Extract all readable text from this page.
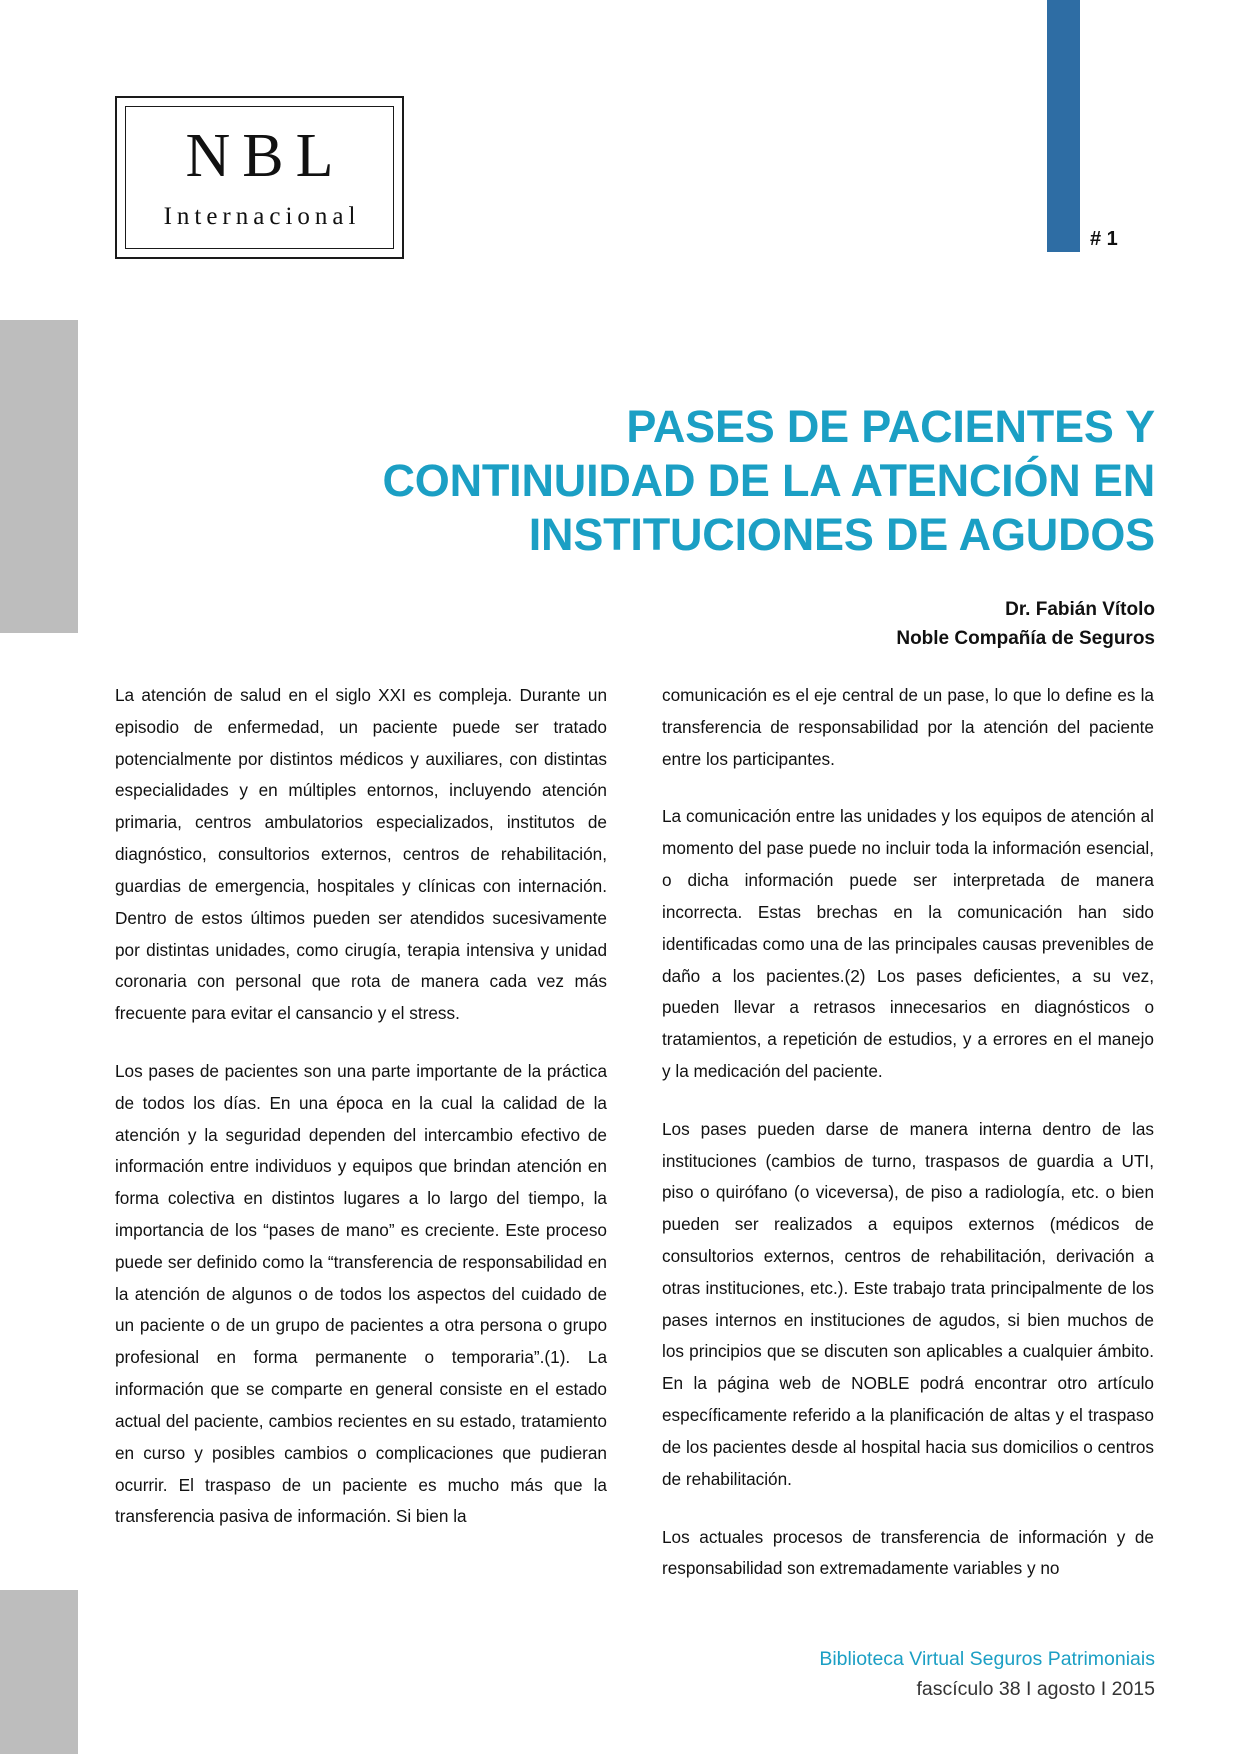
NBL
Internacional
# 1
PASES DE PACIENTES Y
CONTINUIDAD DE LA ATENCIÓN EN
INSTITUCIONES DE AGUDOS
Dr. Fabián Vítolo
Noble Compañía de Seguros

La atención de salud en el siglo XXI es compleja. Durante un episodio de enfermedad, un paciente puede ser tratado potencialmente por distintos médicos y auxiliares, con distintas especialidades y en múltiples entornos, incluyendo atención primaria, centros ambulatorios especializados, institutos de diagnóstico, consultorios externos, centros de rehabilitación, guardias de emergencia, hospitales y clínicas con internación. Dentro de estos últimos pueden ser atendidos sucesivamente por distintas unidades, como cirugía, terapia intensiva y unidad coronaria con personal que rota de manera cada vez más frecuente para evitar el cansancio y el stress.

Los pases de pacientes son una parte importante de la práctica de todos los días. En una época en la cual la calidad de la atención y la seguridad dependen del intercambio efectivo de información entre individuos y equipos que brindan atención en forma colectiva en distintos lugares a lo largo del tiempo, la importancia de los “pases de mano” es creciente. Este proceso puede ser definido como la “transferencia de responsabilidad en la atención de algunos o de todos los aspectos del cuidado de un paciente o de un grupo de pacientes a otra persona o grupo profesional en forma permanente o temporaria”.(1). La información que se comparte en general consiste en el estado actual del paciente, cambios recientes en su estado, tratamiento en curso y posibles cambios o complicaciones que pudieran ocurrir. El traspaso de un paciente es mucho más que la transferencia pasiva de información. Si bien la

comunicación es el eje central de un pase, lo que lo define es la transferencia de responsabilidad por la atención del paciente entre los participantes.

La comunicación entre las unidades y los equipos de atención al momento del pase puede no incluir toda la información esencial, o dicha información puede ser interpretada de manera incorrecta. Estas brechas en la comunicación han sido identificadas como una de las principales causas prevenibles de daño a los pacientes.(2) Los pases deficientes, a su vez, pueden llevar a retrasos innecesarios en diagnósticos o tratamientos, a repetición de estudios, y a errores en el manejo y la medicación del paciente.

Los pases pueden darse de manera interna dentro de las instituciones (cambios de turno, traspasos de guardia a UTI, piso o quirófano (o viceversa), de piso a radiología, etc. o bien pueden ser realizados a equipos externos (médicos de consultorios externos, centros de rehabilitación, derivación a otras instituciones, etc.). Este trabajo trata principalmente de los pases internos en instituciones de agudos, si bien muchos de los principios que se discuten son aplicables a cualquier ámbito. En la página web de NOBLE podrá encontrar otro artículo específicamente referido a la planificación de altas y el traspaso de los pacientes desde al hospital hacia sus domicilios o centros de rehabilitación.

Los actuales procesos de transferencia de información y de responsabilidad son extremadamente variables y no

Biblioteca Virtual Seguros Patrimoniais
fascículo 38 I agosto I 2015
